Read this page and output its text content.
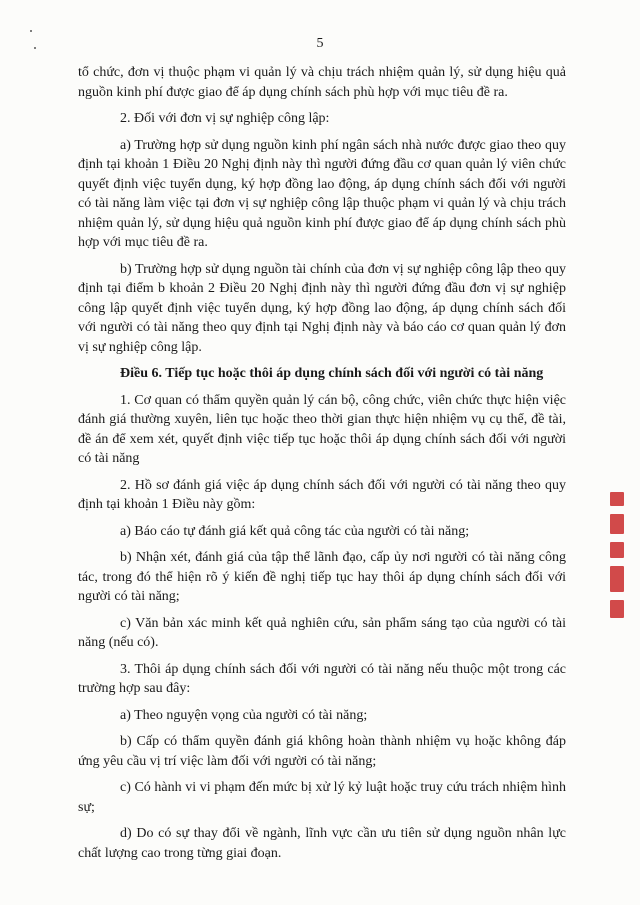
5

tổ chức, đơn vị thuộc phạm vi quản lý và chịu trách nhiệm quản lý, sử dụng hiệu quả nguồn kinh phí được giao để áp dụng chính sách phù hợp với mục tiêu đề ra.

2. Đối với đơn vị sự nghiệp công lập:

a) Trường hợp sử dụng nguồn kinh phí ngân sách nhà nước được giao theo quy định tại khoản 1 Điều 20 Nghị định này thì người đứng đầu cơ quan quản lý viên chức quyết định việc tuyển dụng, ký hợp đồng lao động, áp dụng chính sách đối với người có tài năng làm việc tại đơn vị sự nghiệp công lập thuộc phạm vi quản lý và chịu trách nhiệm quản lý, sử dụng hiệu quả nguồn kinh phí được giao để áp dụng chính sách phù hợp với mục tiêu đề ra.

b) Trường hợp sử dụng nguồn tài chính của đơn vị sự nghiệp công lập theo quy định tại điểm b khoản 2 Điều 20 Nghị định này thì người đứng đầu đơn vị sự nghiệp công lập quyết định việc tuyển dụng, ký hợp đồng lao động, áp dụng chính sách đối với người có tài năng theo quy định tại Nghị định này và báo cáo cơ quan quản lý đơn vị sự nghiệp công lập.

Điều 6. Tiếp tục hoặc thôi áp dụng chính sách đối với người có tài năng

1. Cơ quan có thẩm quyền quản lý cán bộ, công chức, viên chức thực hiện việc đánh giá thường xuyên, liên tục hoặc theo thời gian thực hiện nhiệm vụ cụ thể, đề tài, đề án để xem xét, quyết định việc tiếp tục hoặc thôi áp dụng chính sách đối với người có tài năng

2. Hồ sơ đánh giá việc áp dụng chính sách đối với người có tài năng theo quy định tại khoản 1 Điều này gồm:

a) Báo cáo tự đánh giá kết quả công tác của người có tài năng;

b) Nhận xét, đánh giá của tập thể lãnh đạo, cấp ủy nơi người có tài năng công tác, trong đó thể hiện rõ ý kiến đề nghị tiếp tục hay thôi áp dụng chính sách đối với người có tài năng;

c) Văn bản xác minh kết quả nghiên cứu, sản phẩm sáng tạo của người có tài năng (nếu có).

3. Thôi áp dụng chính sách đối với người có tài năng nếu thuộc một trong các trường hợp sau đây:

a) Theo nguyện vọng của người có tài năng;

b) Cấp có thẩm quyền đánh giá không hoàn thành nhiệm vụ hoặc không đáp ứng yêu cầu vị trí việc làm đối với người có tài năng;

c) Có hành vi vi phạm đến mức bị xử lý kỷ luật hoặc truy cứu trách nhiệm hình sự;

d) Do có sự thay đổi về ngành, lĩnh vực cần ưu tiên sử dụng nguồn nhân lực chất lượng cao trong từng giai đoạn.
